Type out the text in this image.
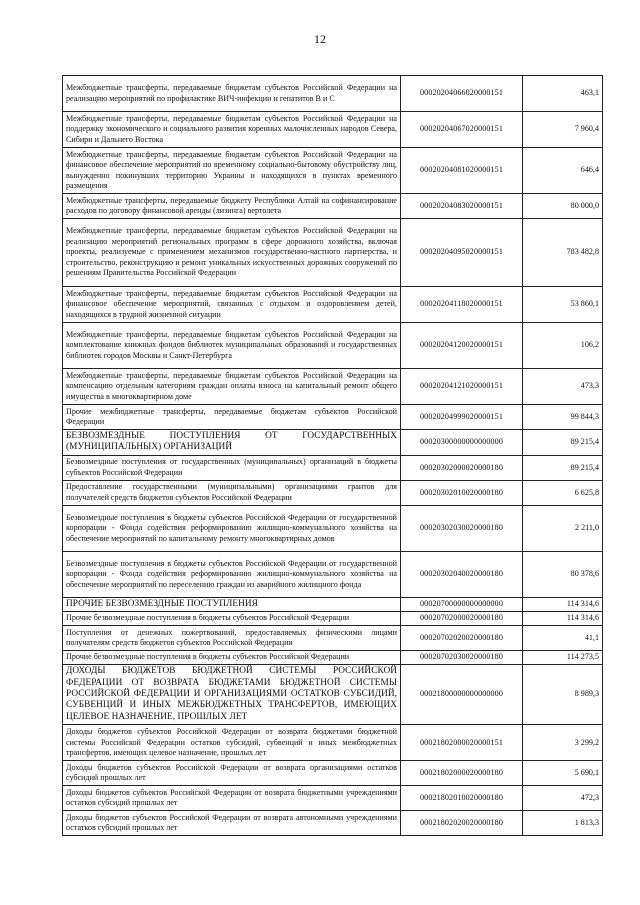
12
Межбюджетные трансферты, передаваемые бюджетам субъектов Российской Федерации на реализацию мероприятий по профилактике ВИЧ-инфекции и гепатитов B и C	00020204066020000151	463,1
Межбюджетные трансферты, передаваемые бюджетам субъектов Российской Федерации на поддержку экономического и социального развития коренных малочисленных народов Севера, Сибири и Дальнего Востока	00020204067020000151	7 960,4
Межбюджетные трансферты, передаваемые бюджетам субъектов Российской Федерации на финансовое обеспечение мероприятий по временному социально-бытовому обустройству лиц, вынужденно покинувших территорию Украины и находящихся в пунктах временного размещения	00020204081020000151	646,4
Межбюджетные трансферты, передаваемые бюджету Республики Алтай на софинансирование расходов по договору финансовой аренды (лизинга) вертолета	00020204083020000151	80 000,0
Межбюджетные трансферты, передаваемые бюджетам субъектов Российской Федерации на реализацию мероприятий региональных программ в сфере дорожного хозяйства, включая проекты, реализуемые с применением механизмов государственно-частного партнерства, и строительство, реконструкцию и ремонт уникальных искусственных дорожных сооружений по решениям Правительства Российской Федерации	00020204095020000151	783 482,8
Межбюджетные трансферты, передаваемые бюджетам субъектов Российской Федерации на финансовое обеспечение мероприятий, связанных с отдыхом и оздоровлением детей, находящихся в трудной жизненной ситуации	00020204118020000151	53 860,1
Межбюджетные трансферты, передаваемые бюджетам субъектов Российской Федерации на комплектование книжных фондов библиотек муниципальных образований и государственных библиотек городов Москвы и Санкт-Петербурга	00020204120020000151	106,2
Межбюджетные трансферты, передаваемые бюджетам субъектов Российской Федерации на компенсацию отдельным категориям граждан оплаты взноса на капитальный ремонт общего имущества в многоквартирном доме	00020204121020000151	473,3
Прочие межбюджетные трансферты, передаваемые бюджетам субъектов Российской Федерации	00020204999020000151	99 844,3
БЕЗВОЗМЕЗДНЫЕ ПОСТУПЛЕНИЯ ОТ ГОСУДАРСТВЕННЫХ (МУНИЦИПАЛЬНЫХ) ОРГАНИЗАЦИЙ	00020300000000000000	89 215,4
Безвозмездные поступления от государственных (муниципальных) организаций в бюджеты субъектов Российской Федерации	00020302000020000180	89 215,4
Предоставление государственными (муниципальными) организациями грантов для получателей средств бюджетов субъектов Российской Федерации	00020302010020000180	6 625,8
Безвозмездные поступления в бюджеты субъектов Российской Федерации от государственной корпорации - Фонда содействия реформированию жилищно-коммунального хозяйства на обеспечение мероприятий по капитальному ремонту многоквартирных домов	00020302030020000180	2 211,0
Безвозмездные поступления в бюджеты субъектов Российской Федерации от государственной корпорации - Фонда содействия реформированию жилищно-коммунального хозяйства на обеспечение мероприятий по переселению граждан из аварийного жилищного фонда	00020302040020000180	80 378,6
ПРОЧИЕ БЕЗВОЗМЕЗДНЫЕ ПОСТУПЛЕНИЯ	00020700000000000000	114 314,6
Прочие безвозмездные поступления в бюджеты субъектов Российской Федерации	00020702000020000180	114 314,6
Поступления от денежных пожертвований, предоставляемых физическими лицами получателям средств бюджетов субъектов Российской Федерации	00020702020020000180	41,1
Прочие безвозмездные поступления в бюджеты субъектов Российской Федерации	00020702030020000180	114 273,5
ДОХОДЫ БЮДЖЕТОВ БЮДЖЕТНОЙ СИСТЕМЫ РОССИЙСКОЙ ФЕДЕРАЦИИ ОТ ВОЗВРАТА БЮДЖЕТАМИ БЮДЖЕТНОЙ СИСТЕМЫ РОССИЙСКОЙ ФЕДЕРАЦИИ И ОРГАНИЗАЦИЯМИ ОСТАТКОВ СУБСИДИЙ, СУБВЕНЦИЙ И ИНЫХ МЕЖБЮДЖЕТНЫХ ТРАНСФЕРТОВ, ИМЕЮЩИХ ЦЕЛЕВОЕ НАЗНАЧЕНИЕ, ПРОШЛЫХ ЛЕТ	00021800000000000000	8 989,3
Доходы бюджетов субъектов Российской Федерации от возврата бюджетами бюджетной системы Российской Федерации остатков субсидий, субвенций и иных межбюджетных трансфертов, имеющих целевое назначение, прошлых лет	00021802000020000151	3 299,2
Доходы бюджетов субъектов Российской Федерации от возврата организациями остатков субсидий прошлых лет	00021802000020000180	5 690,1
Доходы бюджетов субъектов Российской Федерации от возврата бюджетными учреждениями остатков субсидий прошлых лет	00021802010020000180	472,3
Доходы бюджетов субъектов Российской Федерации от возврата автономными учреждениями остатков субсидий прошлых лет	00021802020020000180	1 813,3
